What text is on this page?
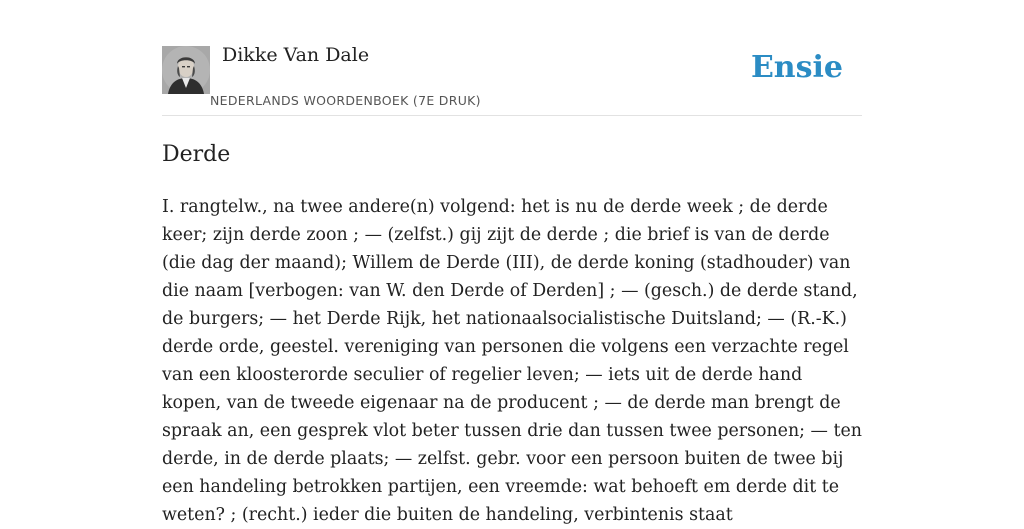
Dikke Van Dale
NEDERLANDS WOORDENBOEK (7E DRUK)
Ensie
Derde

I. rangtelw., na twee andere(n) volgend: het is nu de derde week ; de derde keer; zijn derde zoon ; — (zelfst.) gij zijt de derde ; die brief is van de derde (die dag der maand); Willem de Derde (III), de derde koning (stadhouder) van die naam [verbogen: van W. den Derde of Derden] ; — (gesch.) de derde stand, de burgers; — het Derde Rijk, het nationaalsocialistische Duitsland; — (R.-K.) derde orde, geestel. vereniging van personen die volgens een verzachte regel van een kloosterorde seculier of regelier leven; — iets uit de derde hand kopen, van de tweede eigenaar na de producent ; — de derde man brengt de spraak an, een gesprek vlot beter tussen drie dan tussen twee personen; — ten derde, in de derde plaats; — zelfst. gebr. voor een persoon buiten de twee bij een handeling betrokken partijen, een vreemde: wat behoeft em derde dit te weten? ; (recht.) ieder die buiten de handeling, verbintenis staat
